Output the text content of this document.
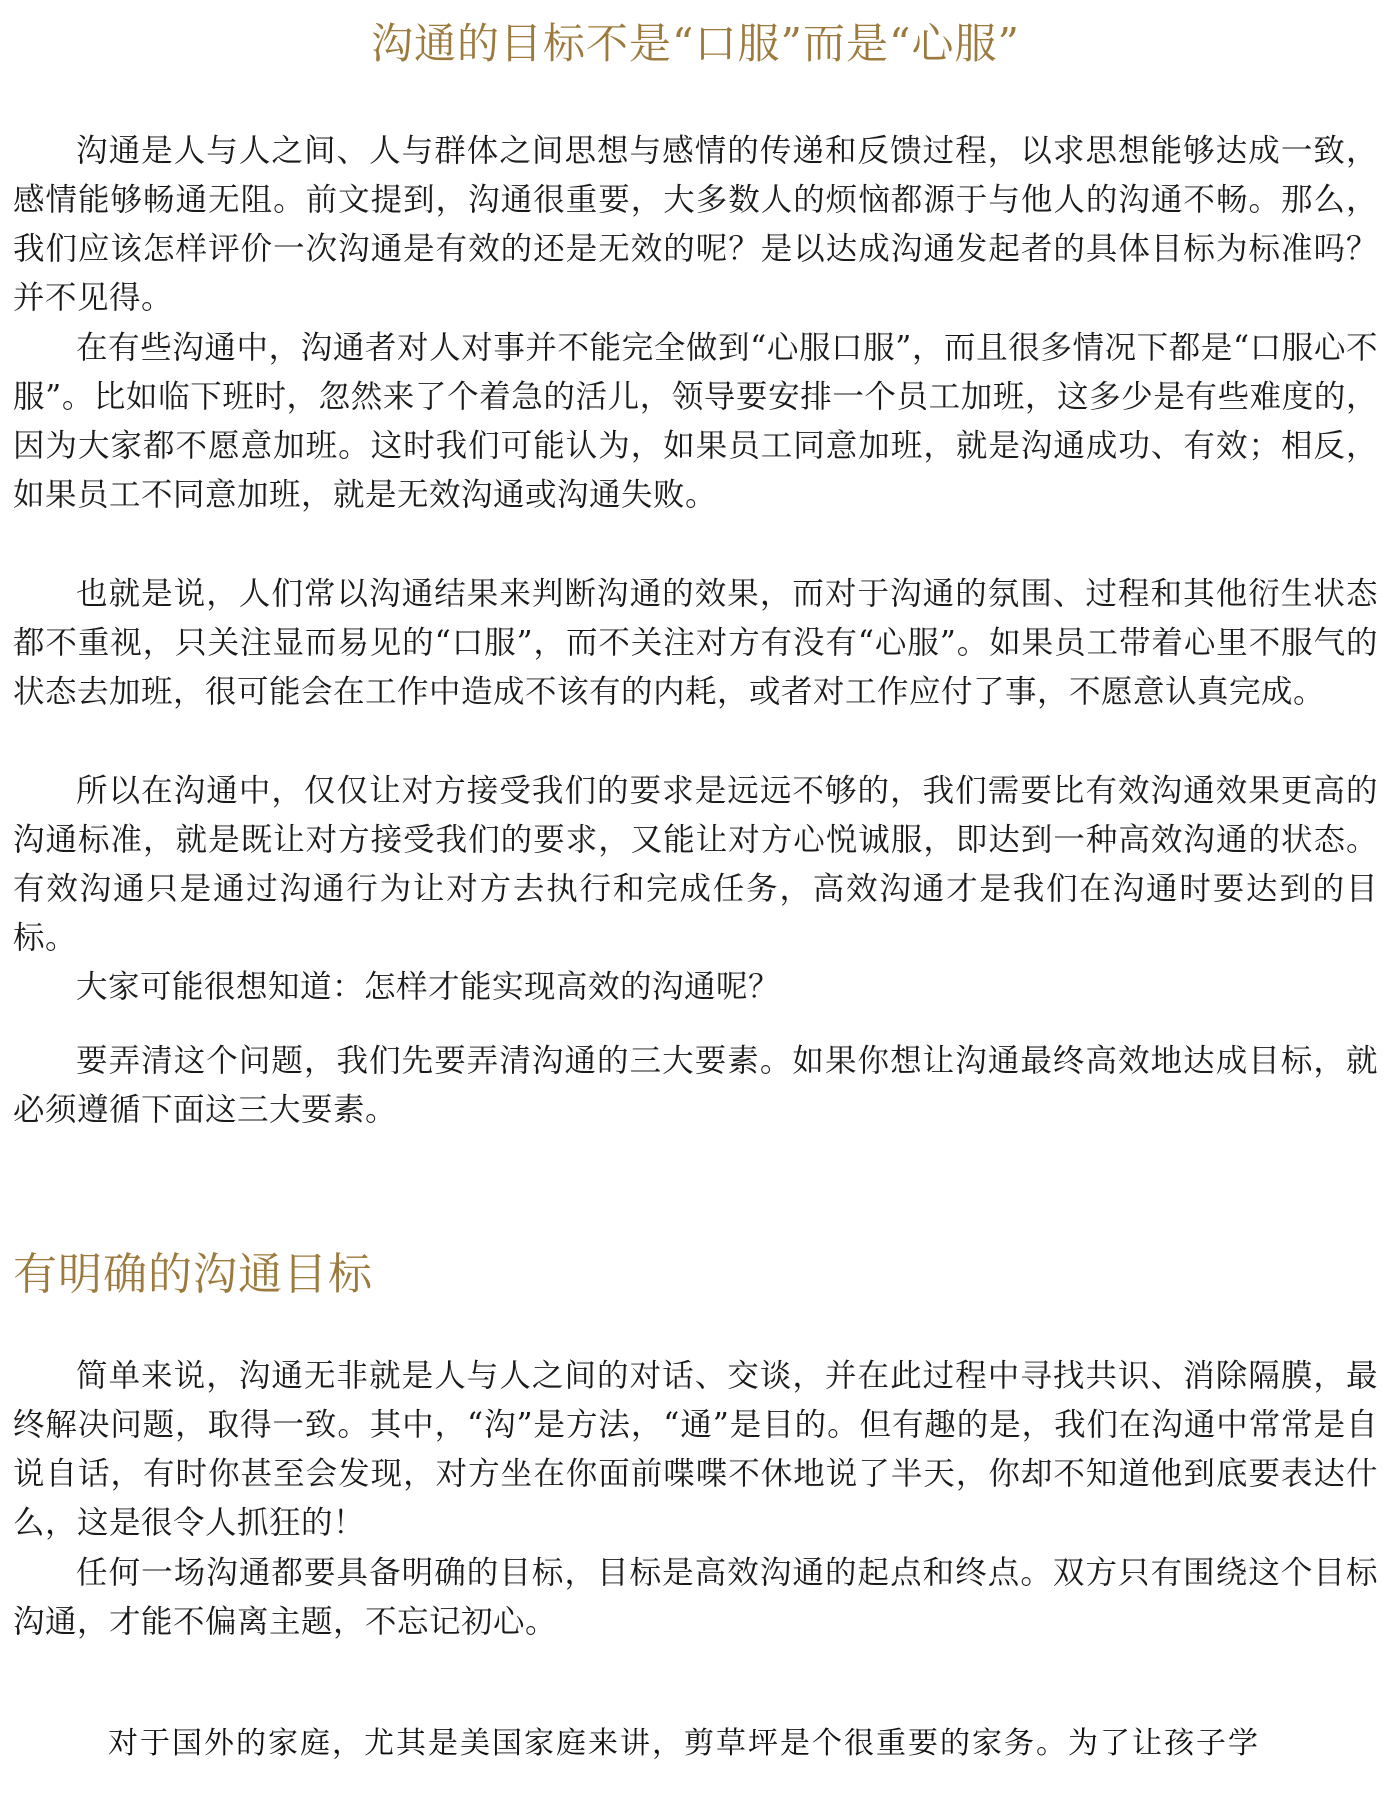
沟通的目标不是“口服”而是“心服”

沟通是人与人之间、人与群体之间思想与感情的传递和反馈过程，以求思想能够达成一致，感情能够畅通无阻。前文提到，沟通很重要，大多数人的烦恼都源于与他人的沟通不畅。那么，我们应该怎样评价一次沟通是有效的还是无效的呢？是以达成沟通发起者的具体目标为标准吗？并不见得。

在有些沟通中，沟通者对人对事并不能完全做到“心服口服”，而且很多情况下都是“口服心不服”。比如临下班时，忽然来了个着急的活儿，领导要安排一个员工加班，这多少是有些难度的，因为大家都不愿意加班。这时我们可能认为，如果员工同意加班，就是沟通成功、有效；相反，如果员工不同意加班，就是无效沟通或沟通失败。

也就是说，人们常以沟通结果来判断沟通的效果，而对于沟通的氛围、过程和其他衍生状态都不重视，只关注显而易见的“口服”，而不关注对方有没有“心服”。如果员工带着心里不服气的状态去加班，很可能会在工作中造成不该有的内耗，或者对工作应付了事，不愿意认真完成。

所以在沟通中，仅仅让对方接受我们的要求是远远不够的，我们需要比有效沟通效果更高的沟通标准，就是既让对方接受我们的要求，又能让对方心悦诚服，即达到一种高效沟通的状态。有效沟通只是通过沟通行为让对方去执行和完成任务，高效沟通才是我们在沟通时要达到的目标。

大家可能很想知道：怎样才能实现高效的沟通呢？

要弄清这个问题，我们先要弄清沟通的三大要素。如果你想让沟通最终高效地达成目标，就必须遵循下面这三大要素。

有明确的沟通目标

简单来说，沟通无非就是人与人之间的对话、交谈，并在此过程中寻找共识、消除隔膜，最终解决问题，取得一致。其中，“沟”是方法，“通”是目的。但有趣的是，我们在沟通中常常是自说自话，有时你甚至会发现，对方坐在你面前喋喋不休地说了半天，你却不知道他到底要表达什么，这是很令人抓狂的！

任何一场沟通都要具备明确的目标，目标是高效沟通的起点和终点。双方只有围绕这个目标沟通，才能不偏离主题，不忘记初心。

对于国外的家庭，尤其是美国家庭来讲，剪草坪是个很重要的家务。为了让孩子学
